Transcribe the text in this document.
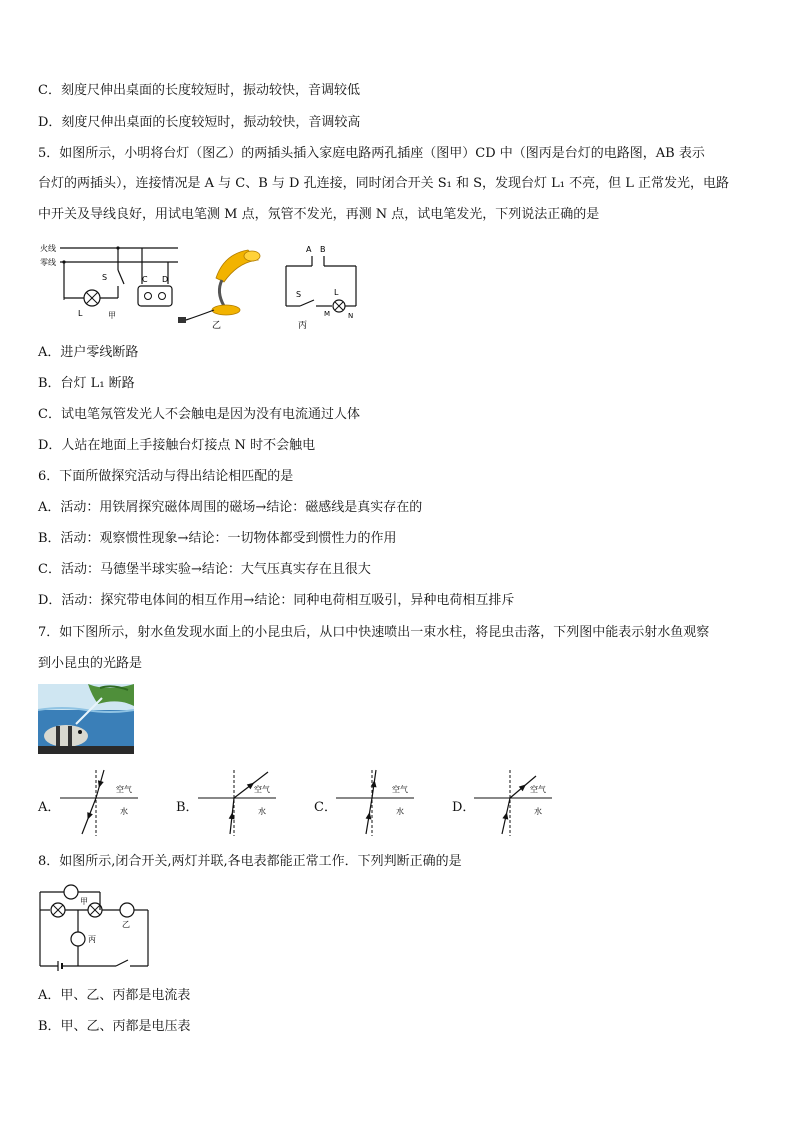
C．刻度尺伸出桌面的长度较短时，振动较快，音调较低
D．刻度尺伸出桌面的长度较短时，振动较快，音调较高
5．如图所示，小明将台灯（图乙）的两插头插入家庭电路两孔插座（图甲）CD 中（图丙是台灯的电路图，AB 表示
台灯的两插头），连接情况是 A 与 C、B 与 D 孔连接，同时闭合开关 S₁ 和 S，发现台灯 L₁ 不亮，但 L 正常发光，电路
中开关及导线良好，用试电笔测 M 点，氖管不发光，再测 N 点，试电笔发光，下列说法正确的是
火线
零线
S
L	甲
C D
乙
A B
S	L
M	N
丙
A．进户零线断路
B．台灯 L₁ 断路
C．试电笔氖管发光人不会触电是因为没有电流通过人体
D．人站在地面上手接触台灯接点 N 时不会触电
6．下面所做探究活动与得出结论相匹配的是
A．活动：用铁屑探究磁体周围的磁场→结论：磁感线是真实存在的
B．活动：观察惯性现象→结论：一切物体都受到惯性力的作用
C．活动：马德堡半球实验→结论：大气压真实存在且很大
D．活动：探究带电体间的相互作用→结论：同种电荷相互吸引，异种电荷相互排斥
7．如下图所示，射水鱼发现水面上的小昆虫后，从口中快速喷出一束水柱，将昆虫击落，下列图中能表示射水鱼观察
到小昆虫的光路是
A．
空气
水	B．
空气
水	C．
空气
水	D．
空气
水
8．如图所示,闭合开关,两灯并联,各电表都能正常工作．下列判断正确的是
甲
乙
丙
A．甲、乙、丙都是电流表
B．甲、乙、丙都是电压表
